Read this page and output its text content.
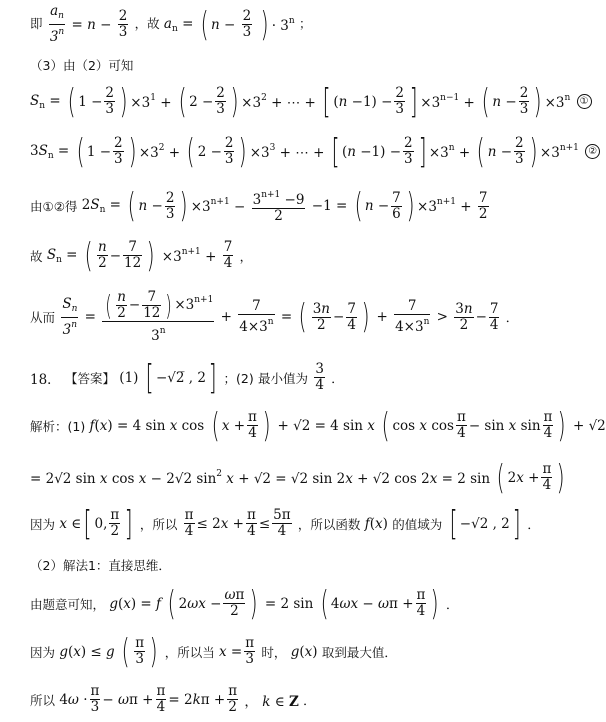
即 $\frac{a_n}{3^n} = n - \frac{2}{3}$ ，故 $a_n$ = ( $n - \frac{2}{3}$ ) · $3^n$ ；
（3）由（2）可知
$S_n$ = ( $1 - \frac{2}{3}$ ) $\times 3^1$ + ( $2 - \frac{2}{3}$ ) $\times 3^2$ + ⋯ + [ $(n -1) - \frac{2}{3}$ ] $\times 3^{n-1}$ + ( $n - \frac{2}{3}$ ) $\times 3^n$ ①
$3S_n$ = ( $1 - \frac{2}{3}$ ) $\times 3^2$ + ( $2 - \frac{2}{3}$ ) $\times 3^3$ + ⋯ + [ $(n -1) - \frac{2}{3}$ ] $\times 3^n$ + ( $n - \frac{2}{3}$ ) $\times 3^{n+1}$ ②
由①②得 $2S_n$ = ( $n - \frac{2}{3}$ ) $\times 3^{n+1} - \frac{3^{n+1} -9}{2} -1$ = ( $n - \frac{7}{6}$ ) $\times 3^{n+1} + \frac{7}{2}$
故 $S_n$ = ( $\frac{n}{2} - \frac{7}{12}$ ) $\times 3^{n+1} + \frac{7}{4}$ ，
从而 $\frac{S_n}{3^n} = \frac{( \frac{n}{2} - \frac{7}{12} ) \times 3^{n+1}}{3^n} + \frac{7}{4\times 3^n}$ = ( $\frac{3n}{2} - \frac{7}{4}$ ) + $\frac{7}{4\times 3^n} > \frac{3n}{2} - \frac{7}{4}$ ．
18． 【答案】 (1) [ −√2̅ , 2] ；(2) 最小值为 $\frac{3}{4}$ ．
解析：(1) f(x) = 4 sin x cos ( $x + \frac{\pi}{4}$ ) + √2 = 4 sin x ( cos x $\cos \frac{\pi}{4} - \sin x$ $\sin \frac{\pi}{4}$ ) + √2
= 2√2 sin x cos x − 2√2 $\sin^2 x + √2 = √2$ sin 2x + √2 cos 2x = 2 sin ( $2x + \frac{\pi}{4}$ )
因为 x ∈[ 0, $\frac{\pi}{2}$ ] ，所以 $\frac{\pi}{4} \le 2x + \frac{\pi}{4} \le \frac{5\pi}{4}$ ，所以函数 f(x) 的值域为 [ −√2 , 2] ．
（2）解法1：直接思维．
由题意可知， g(x) = f ( $2\omega x - \frac{\omega\pi}{2}$ ) = 2 sin ( $4\omega x - \omega\pi + \frac{\pi}{4}$ ) ．
因为 g(x) ≤ g ( $\frac{\pi}{3}$ ) ，所以当 $x = \frac{\pi}{3}$ 时， g(x) 取到最大值．
所以 $4\omega \cdot \frac{\pi}{3} - \omega\pi + \frac{\pi}{4} = 2k\pi + \frac{\pi}{2}$ ， k ∈ Z ．
